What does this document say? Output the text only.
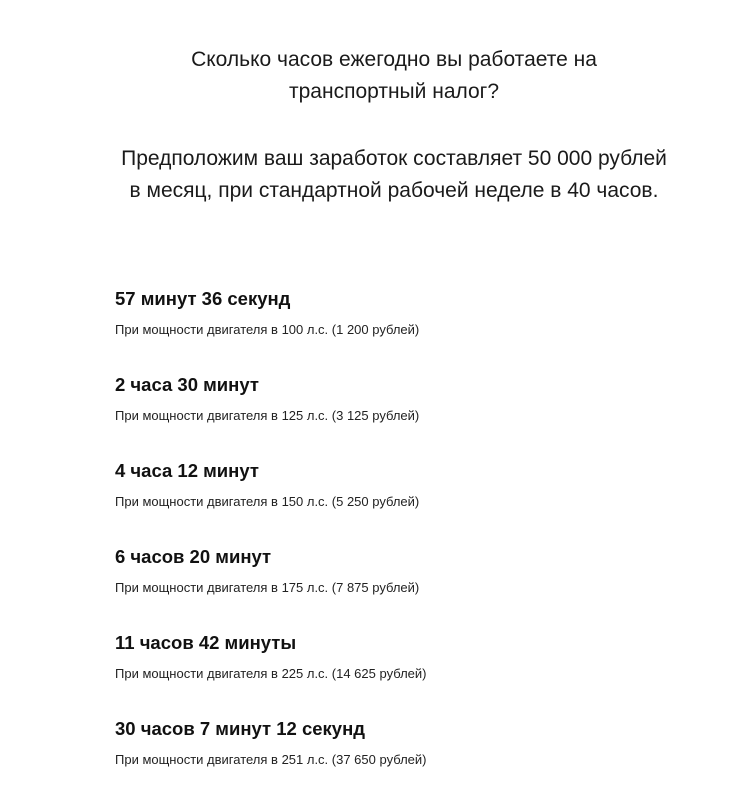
Сколько часов ежегодно вы работаете на транспортный налог?

Предположим ваш заработок составляет 50 000 рублей в месяц, при стандартной рабочей неделе в 40 часов.

57 минут 36 секунд

При мощности двигателя в 100 л.с. (1 200 рублей)

2 часа 30 минут

При мощности двигателя в 125 л.с. (3 125 рублей)

4 часа 12 минут

При мощности двигателя в 150 л.с. (5 250 рублей)

6 часов 20 минут

При мощности двигателя в 175 л.с. (7 875 рублей)

11 часов 42 минуты

При мощности двигателя в 225 л.с. (14 625 рублей)

30 часов 7 минут 12 секунд

При мощности двигателя в 251 л.с. (37 650 рублей)
